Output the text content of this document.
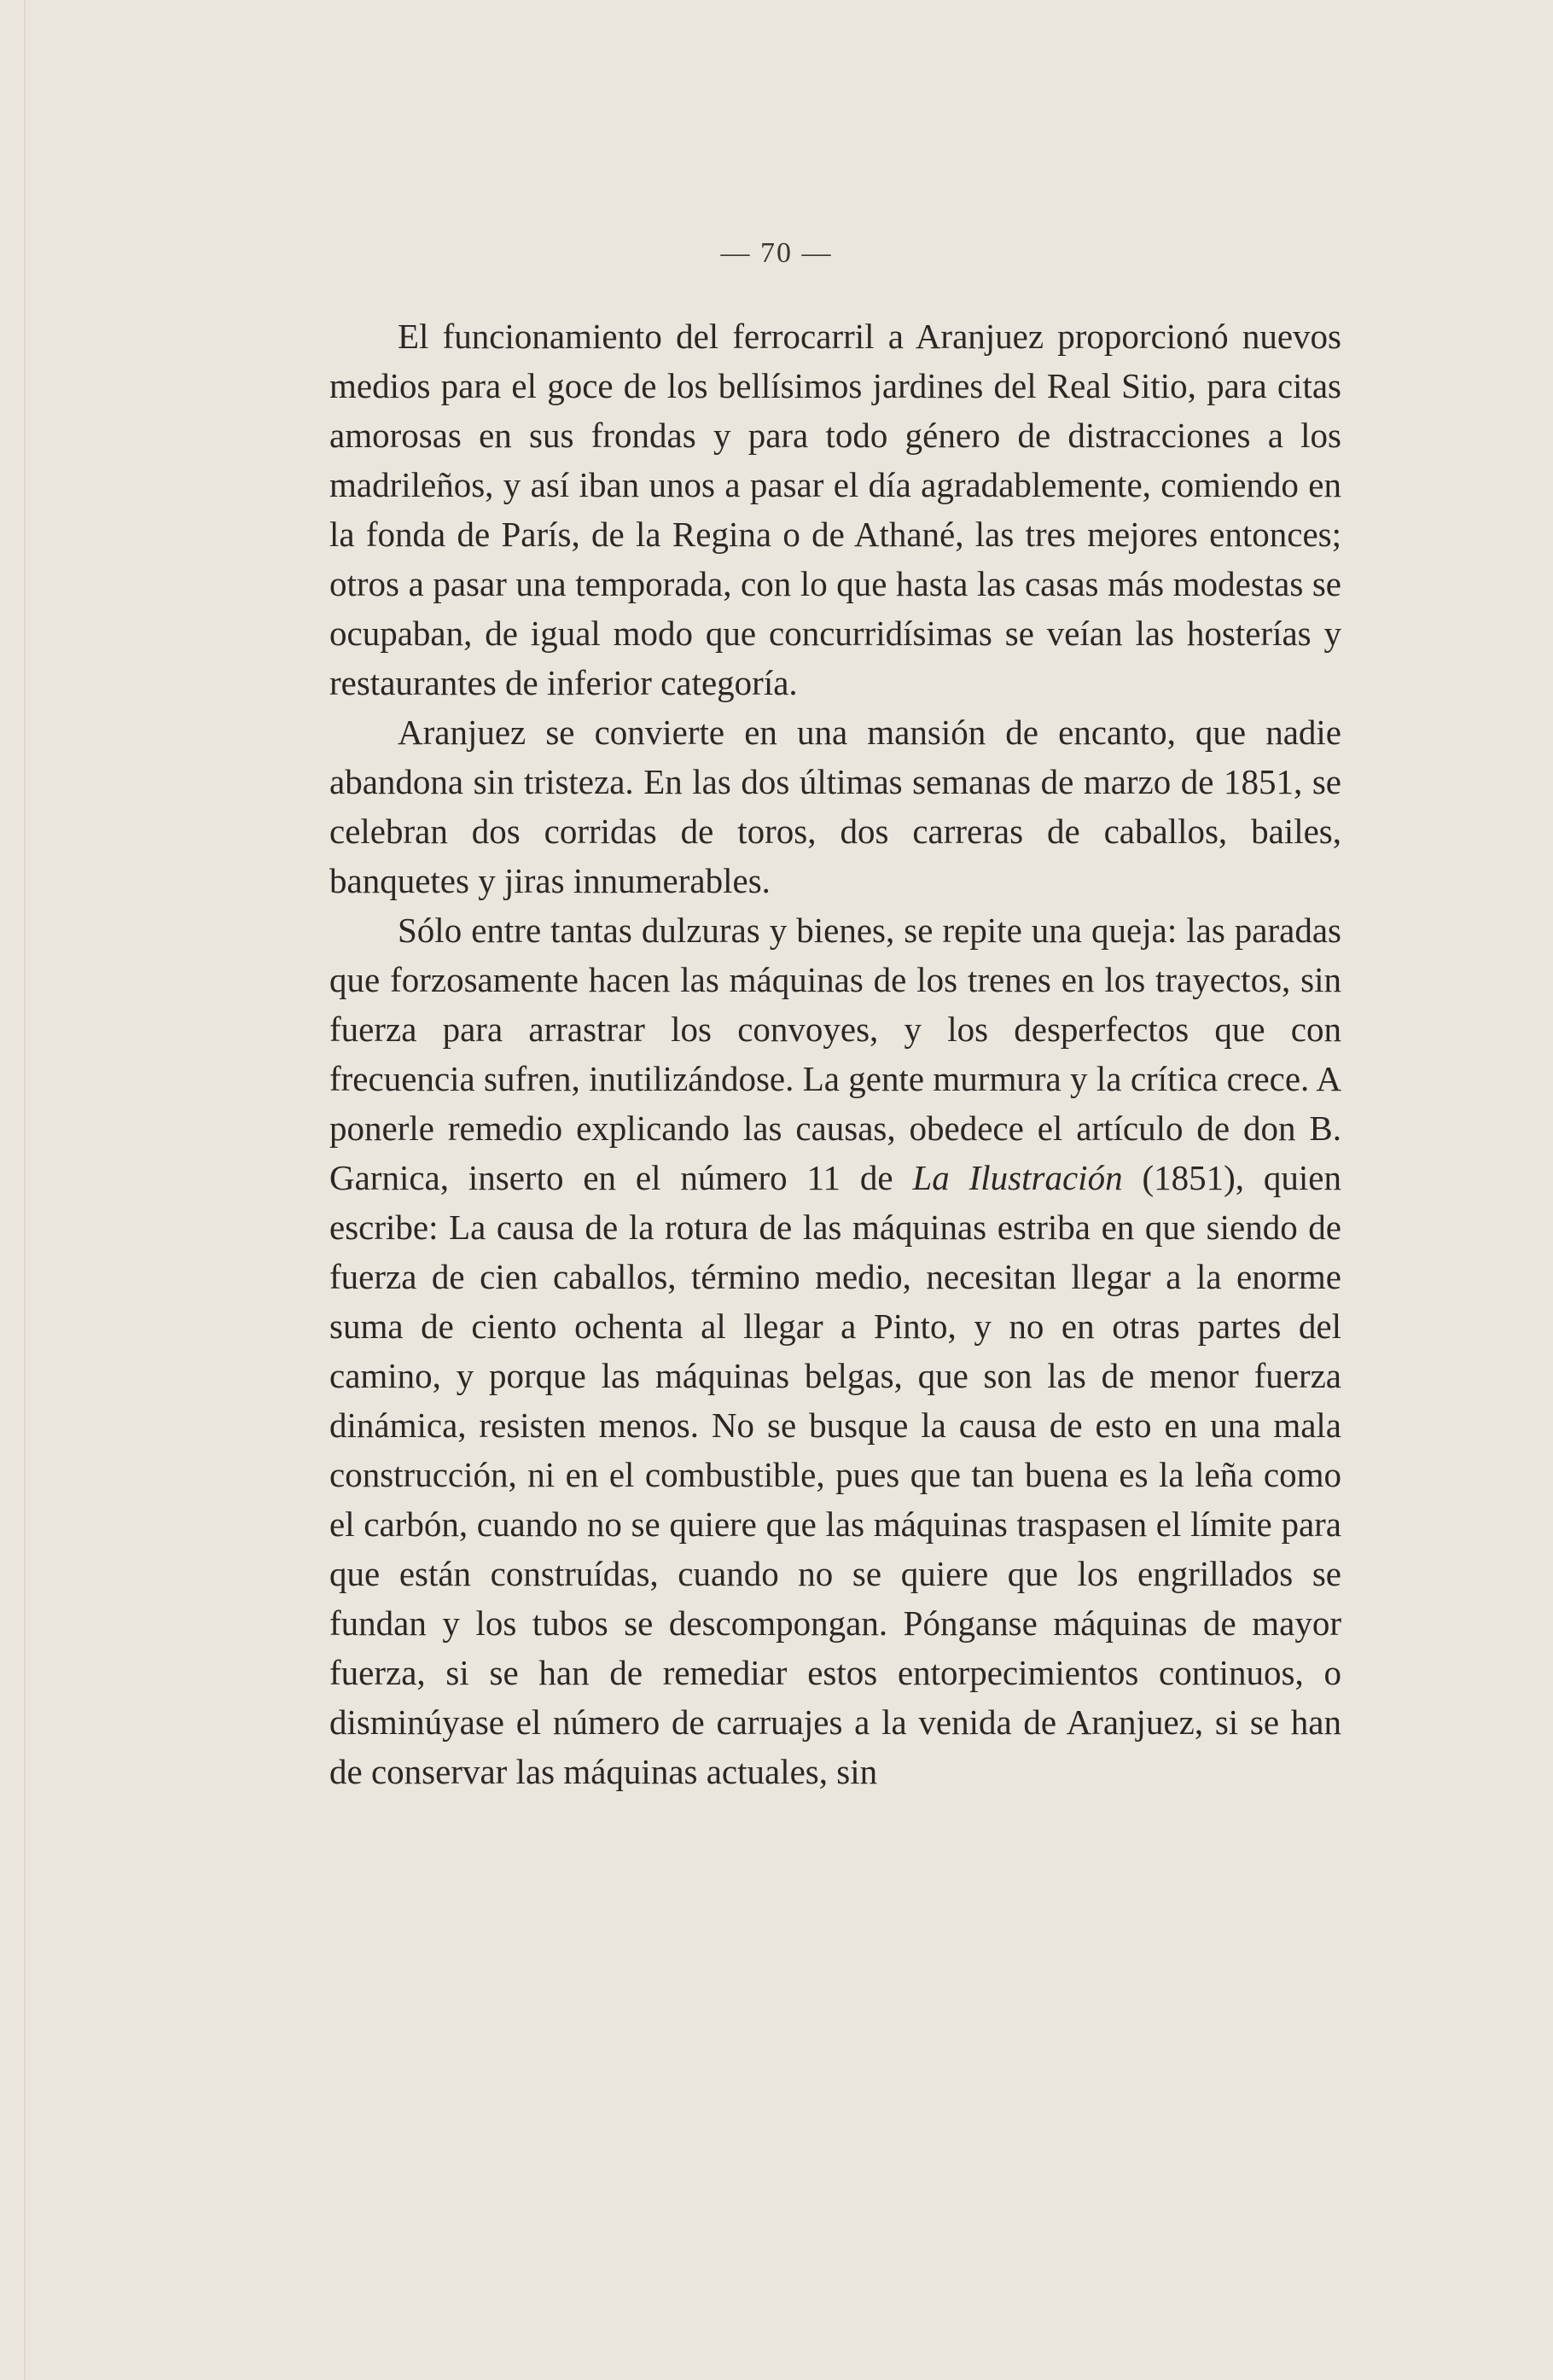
— 70 —

El funcionamiento del ferrocarril a Aranjuez proporcionó nuevos medios para el goce de los bellísimos jardines del Real Sitio, para citas amorosas en sus frondas y para todo género de distracciones a los madrileños, y así iban unos a pasar el día agradablemente, comiendo en la fonda de París, de la Regina o de Athané, las tres mejores entonces; otros a pasar una temporada, con lo que hasta las casas más modestas se ocupaban, de igual modo que concurridísimas se veían las hosterías y restaurantes de inferior categoría.

Aranjuez se convierte en una mansión de encanto, que nadie abandona sin tristeza. En las dos últimas semanas de marzo de 1851, se celebran dos corridas de toros, dos carreras de caballos, bailes, banquetes y jiras innumerables.

Sólo entre tantas dulzuras y bienes, se repite una queja: las paradas que forzosamente hacen las máquinas de los trenes en los trayectos, sin fuerza para arrastrar los convoyes, y los desperfectos que con frecuencia sufren, inutilizándose. La gente murmura y la crítica crece. A ponerle remedio explicando las causas, obedece el artículo de don B. Garnica, inserto en el número 11 de La Ilustración (1851), quien escribe: La causa de la rotura de las máquinas estriba en que siendo de fuerza de cien caballos, término medio, necesitan llegar a la enorme suma de ciento ochenta al llegar a Pinto, y no en otras partes del camino, y porque las máquinas belgas, que son las de menor fuerza dinámica, resisten menos. No se busque la causa de esto en una mala construcción, ni en el combustible, pues que tan buena es la leña como el carbón, cuando no se quiere que las máquinas traspasen el límite para que están construídas, cuando no se quiere que los engrillados se fundan y los tubos se descompongan. Pónganse máquinas de mayor fuerza, si se han de remediar estos entorpecimientos continuos, o disminúyase el número de carruajes a la venida de Aranjuez, si se han de conservar las máquinas actuales, sin
